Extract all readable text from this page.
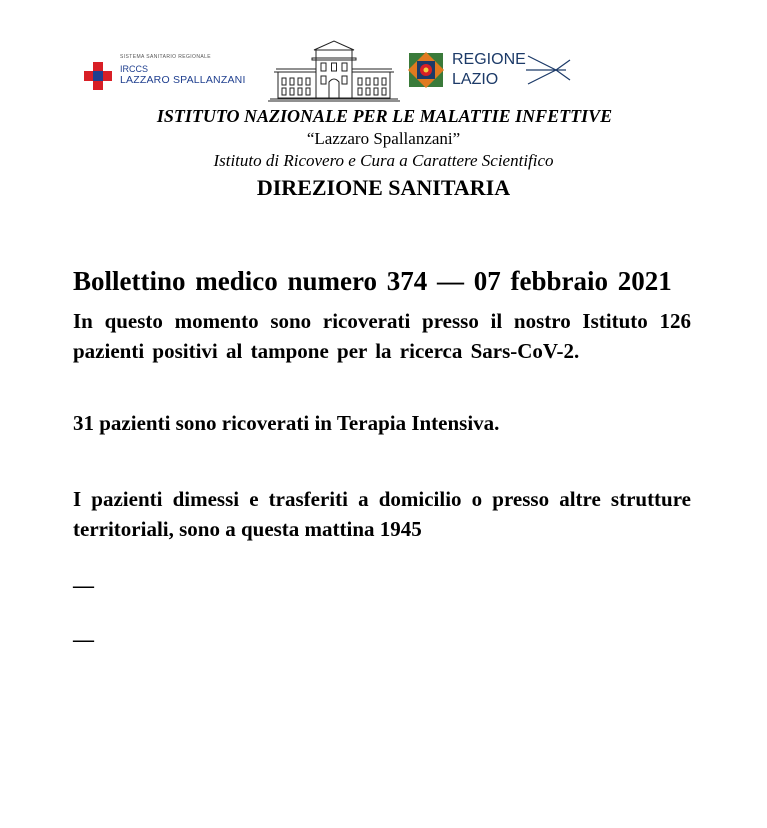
SISTEMA SANITARIO REGIONALE
IRCCS
LAZZARO SPALLANZANI
REGIONE
LAZIO
ISTITUTO NAZIONALE PER LE MALATTIE INFETTIVE
“Lazzaro Spallanzani”
Istituto di Ricovero e Cura a Carattere Scientifico
DIREZIONE SANITARIA
Bollettino medico numero 374 — 07 febbraio 2021

In questo momento sono ricoverati presso il nostro Istituto 126 pazienti positivi al tampone per la ricerca Sars-CoV-2.

31 pazienti sono ricoverati in Terapia Intensiva.

I pazienti dimessi e trasferiti a domicilio o presso altre strutture territoriali, sono a questa mattina 1945

—

—
